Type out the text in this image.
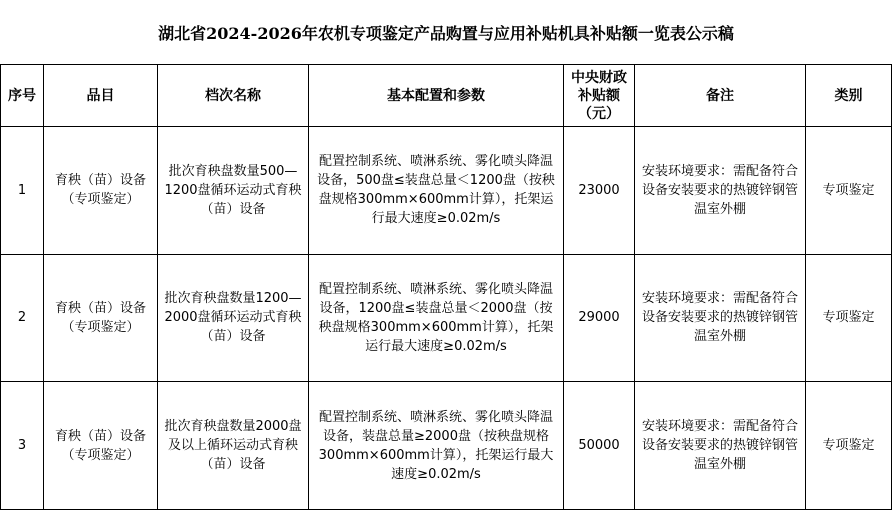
湖北省2024-2026年农机专项鉴定产品购置与应用补贴机具补贴额一览表公示稿
序号	品目	档次名称	基本配置和参数	中央财政补贴额（元）	备注	类别
1	育秧（苗）设备（专项鉴定）	批次育秧盘数量500—1200盘循环运动式育秧（苗）设备	配置控制系统、喷淋系统、雾化喷头降温设备，500盘≤装盘总量＜1200盘（按秧盘规格300mm×600mm计算），托架运行最大速度≥0.02m/s	23000	安装环境要求：需配备符合设备安装要求的热镀锌钢管温室外棚	专项鉴定
2	育秧（苗）设备（专项鉴定）	批次育秧盘数量1200—2000盘循环运动式育秧（苗）设备	配置控制系统、喷淋系统、雾化喷头降温设备，1200盘≤装盘总量＜2000盘（按秧盘规格300mm×600mm计算），托架运行最大速度≥0.02m/s	29000	安装环境要求：需配备符合设备安装要求的热镀锌钢管温室外棚	专项鉴定
3	育秧（苗）设备（专项鉴定）	批次育秧盘数量2000盘及以上循环运动式育秧（苗）设备	配置控制系统、喷淋系统、雾化喷头降温设备，装盘总量≥2000盘（按秧盘规格300mm×600mm计算），托架运行最大速度≥0.02m/s	50000	安装环境要求：需配备符合设备安装要求的热镀锌钢管温室外棚	专项鉴定
